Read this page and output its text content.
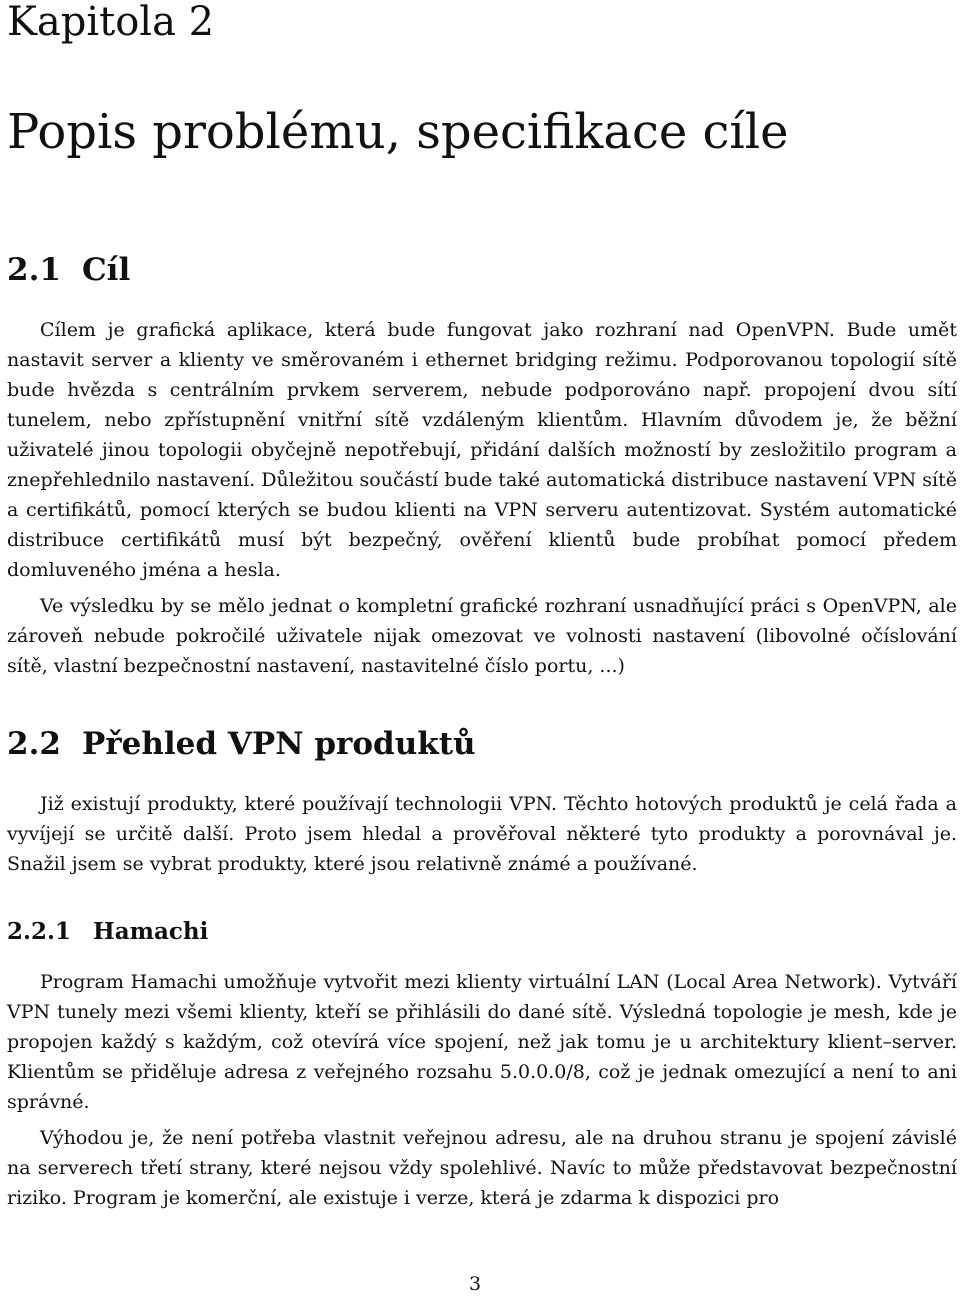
Kapitola 2
Popis problému, specifikace cíle
2.1 Cíl

Cílem je grafická aplikace, která bude fungovat jako rozhraní nad OpenVPN. Bude umět nastavit server a klienty ve směrovaném i ethernet bridging režimu. Podporovanou topologií sítě bude hvězda s centrálním prvkem serverem, nebude podporováno např. propojení dvou sítí tunelem, nebo zpřístupnění vnitřní sítě vzdáleným klientům. Hlavním důvodem je, že běžní uživatelé jinou topologii obyčejně nepotřebují, přidání dalších možností by zesložitilo program a znepřehlednilo nastavení. Důležitou součástí bude také automatická distribuce nastavení VPN sítě a certifikátů, pomocí kterých se budou klienti na VPN serveru autentizovat. Systém automatické distribuce certifikátů musí být bezpečný, ověření klientů bude probíhat pomocí předem domluveného jména a hesla.

Ve výsledku by se mělo jednat o kompletní grafické rozhraní usnadňující práci s OpenVPN, ale zároveň nebude pokročilé uživatele nijak omezovat ve volnosti nastavení (libovolné očíslování sítě, vlastní bezpečnostní nastavení, nastavitelné číslo portu, ...)

2.2 Přehled VPN produktů

Již existují produkty, které používají technologii VPN. Těchto hotových produktů je celá řada a vyvíjejí se určitě další. Proto jsem hledal a prověřoval některé tyto produkty a porovnával je. Snažil jsem se vybrat produkty, které jsou relativně známé a používané.

2.2.1 Hamachi

Program Hamachi umožňuje vytvořit mezi klienty virtuální LAN (Local Area Network). Vytváří VPN tunely mezi všemi klienty, kteří se přihlásili do dané sítě. Výsledná topologie je mesh, kde je propojen každý s každým, což otevírá více spojení, než jak tomu je u architektury klient–server. Klientům se přiděluje adresa z veřejného rozsahu 5.0.0.0/8, což je jednak omezující a není to ani správné.

Výhodou je, že není potřeba vlastnit veřejnou adresu, ale na druhou stranu je spojení závislé na serverech třetí strany, které nejsou vždy spolehlivé. Navíc to může představovat bezpečnostní riziko. Program je komerční, ale existuje i verze, která je zdarma k dispozici pro

3
